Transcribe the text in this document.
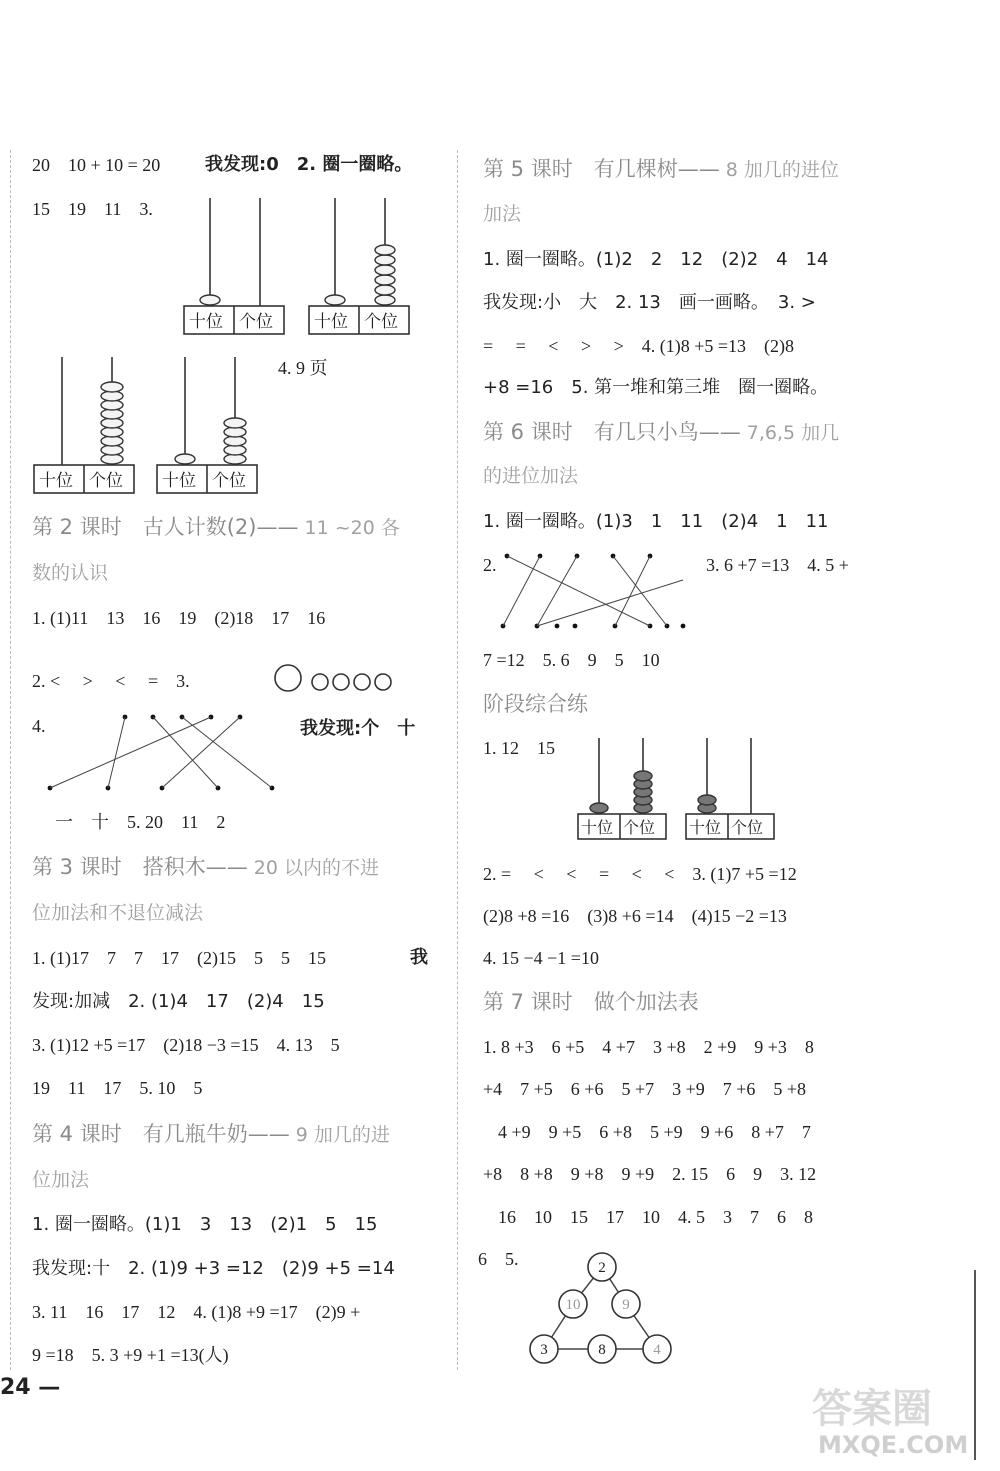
20　10 + 10 = 20 我发现:0　2. 圈一圈略。
15　19　11　3.
十位 个位 十位 个位
4. 9 页
十位 个位 十位 个位
第 2 课时　古人计数(2)—— 11 ~20 各
数的认识
1. (1)11　13　16　19　(2)18　17　16
2. <　 >　 <　 =　3.
4.	我发现:个　十
一　十　5. 20　11　2
第 3 课时　搭积木—— 20 以内的不进
位加法和不退位减法
1. (1)17　7　7　17　(2)15　5　5　15	我
发现:加减　2. (1)4　17　(2)4　15
3. (1)12 +5 =17　(2)18 −3 =15　4. 13　5
19　11　17　5. 10　5
第 4 课时　有几瓶牛奶—— 9 加几的进
位加法
1. 圈一圈略。(1)1　3　13　(2)1　5　15
我发现:十　2. (1)9 +3 =12　(2)9 +5 =14
3. 11　16　17　12　4. (1)8 +9 =17　(2)9 +
9 =18　5. 3 +9 +1 =13(人)
24 —
第 5 课时　有几棵树—— 8 加几的进位
加法
1. 圈一圈略。(1)2　2　12　(2)2　4　14
我发现:小　大　2. 13　画一画略。　3. >
=　 =　 <　 >　 >　4. (1)8 +5 =13　(2)8
+8 =16　5. 第一堆和第三堆　圈一圈略。
第 6 课时　有几只小鸟—— 7,6,5 加几
的进位加法
1. 圈一圈略。(1)3　1　11　(2)4　1　11
2.	3. 6 +7 =13　4. 5 +
7 =12　5. 6　9　5　10
阶段综合练
1. 12　15
十位 个位 十位 个位
2. =　 <　 <　 =　 <　 <　3. (1)7 +5 =12
(2)8 +8 =16　(3)8 +6 =14　(4)15 −2 =13
4. 15 −4 −1 =10
第 7 课时　做个加法表
1. 8 +3　6 +5　4 +7　3 +8　2 +9　9 +3　8
+4　7 +5　6 +6　5 +7　3 +9　7 +6　5 +8
4 +9　9 +5　6 +8　5 +9　9 +6　8 +7　7
+8　8 +8　9 +8　9 +9　2. 15　6　9　3. 12
16　10　15　17　10　4. 5　3　7　6　8
6　5.	2
10	9
3	8	4
答案圈
MXQE.COM
